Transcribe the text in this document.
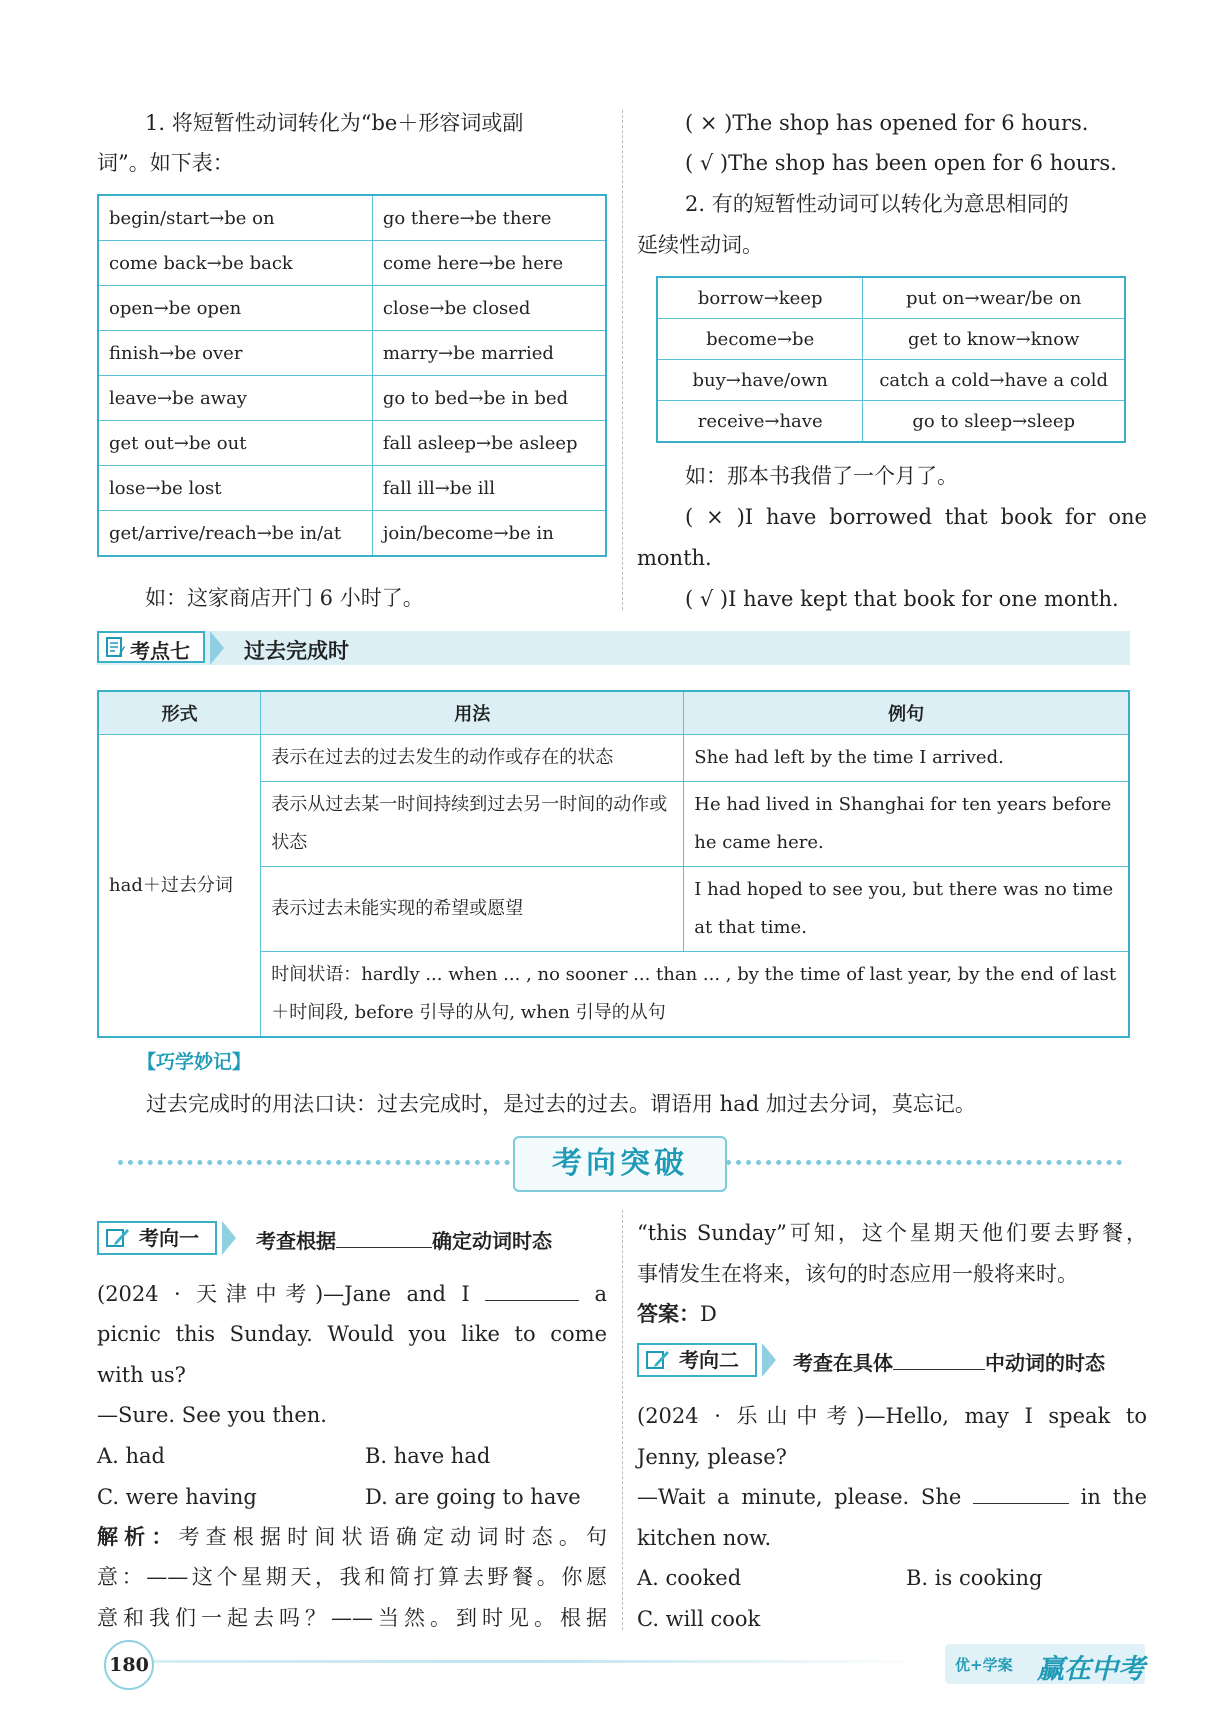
1. 将短暂性动词转化为“be＋形容词或副

词”。如下表：

begin/start→be on	go there→be there
come back→be back	come here→be here
open→be open	close→be closed
finish→be over	marry→be married
leave→be away	go to bed→be in bed
get out→be out	fall asleep→be asleep
lose→be lost	fall ill→be ill
get/arrive/reach→be in/at	join/become→be in

如：这家商店开门 6 小时了。

( × )The shop has opened for 6 hours.

( √ )The shop has been open for 6 hours.

2. 有的短暂性动词可以转化为意思相同的

延续性动词。

borrow→keep	put on→wear/be on
become→be	get to know→know
buy→have/own	catch a cold→have a cold
receive→have	go to sleep→sleep

如：那本书我借了一个月了。

( × )I have borrowed that book for one

month.

( √ )I have kept that book for one month.

考点七	过去完成时
形式	用法	例句
had＋过去分词	表示在过去的过去发生的动作或存在的状态	She had left by the time I arrived.
	表示从过去某一时间持续到过去另一时间的动作或状态	He had lived in Shanghai for ten years before he came here.
	表示过去未能实现的希望或愿望	I had hoped to see you, but there was no time at that time.
	时间状语：hardly ... when ... , no sooner ... than ... , by the time of last year, by the end of last＋时间段, before 引导的从句, when 引导的从句	
【巧学妙记】

过去完成时的用法口诀：过去完成时，是过去的过去。谓语用 had 加过去分词，莫忘记。

考向突破
考向一	考查根据	确定动词时态

(2024 · 天津中考)—Jane and I	a

picnic this Sunday. Would you like to come

with us?

—Sure. See you then.

A. had	B. have had

C. were having	D. are going to have

解析：考查根据时间状语确定动词时态。句

意：——这个星期天，我和简打算去野餐。你愿

意和我们一起去吗？——当然。到时见。根据

“this Sunday”可知，这个星期天他们要去野餐，

事情发生在将来，该句的时态应用一般将来时。

答案：D

考向二	考查在具体	中动词的时态

(2024 · 乐山中考)—Hello, may I speak to

Jenny, please?

—Wait a minute, please. She	in the

kitchen now.

A. cooked	B. is cooking

C. will cook

180	优+学案 赢在中考
